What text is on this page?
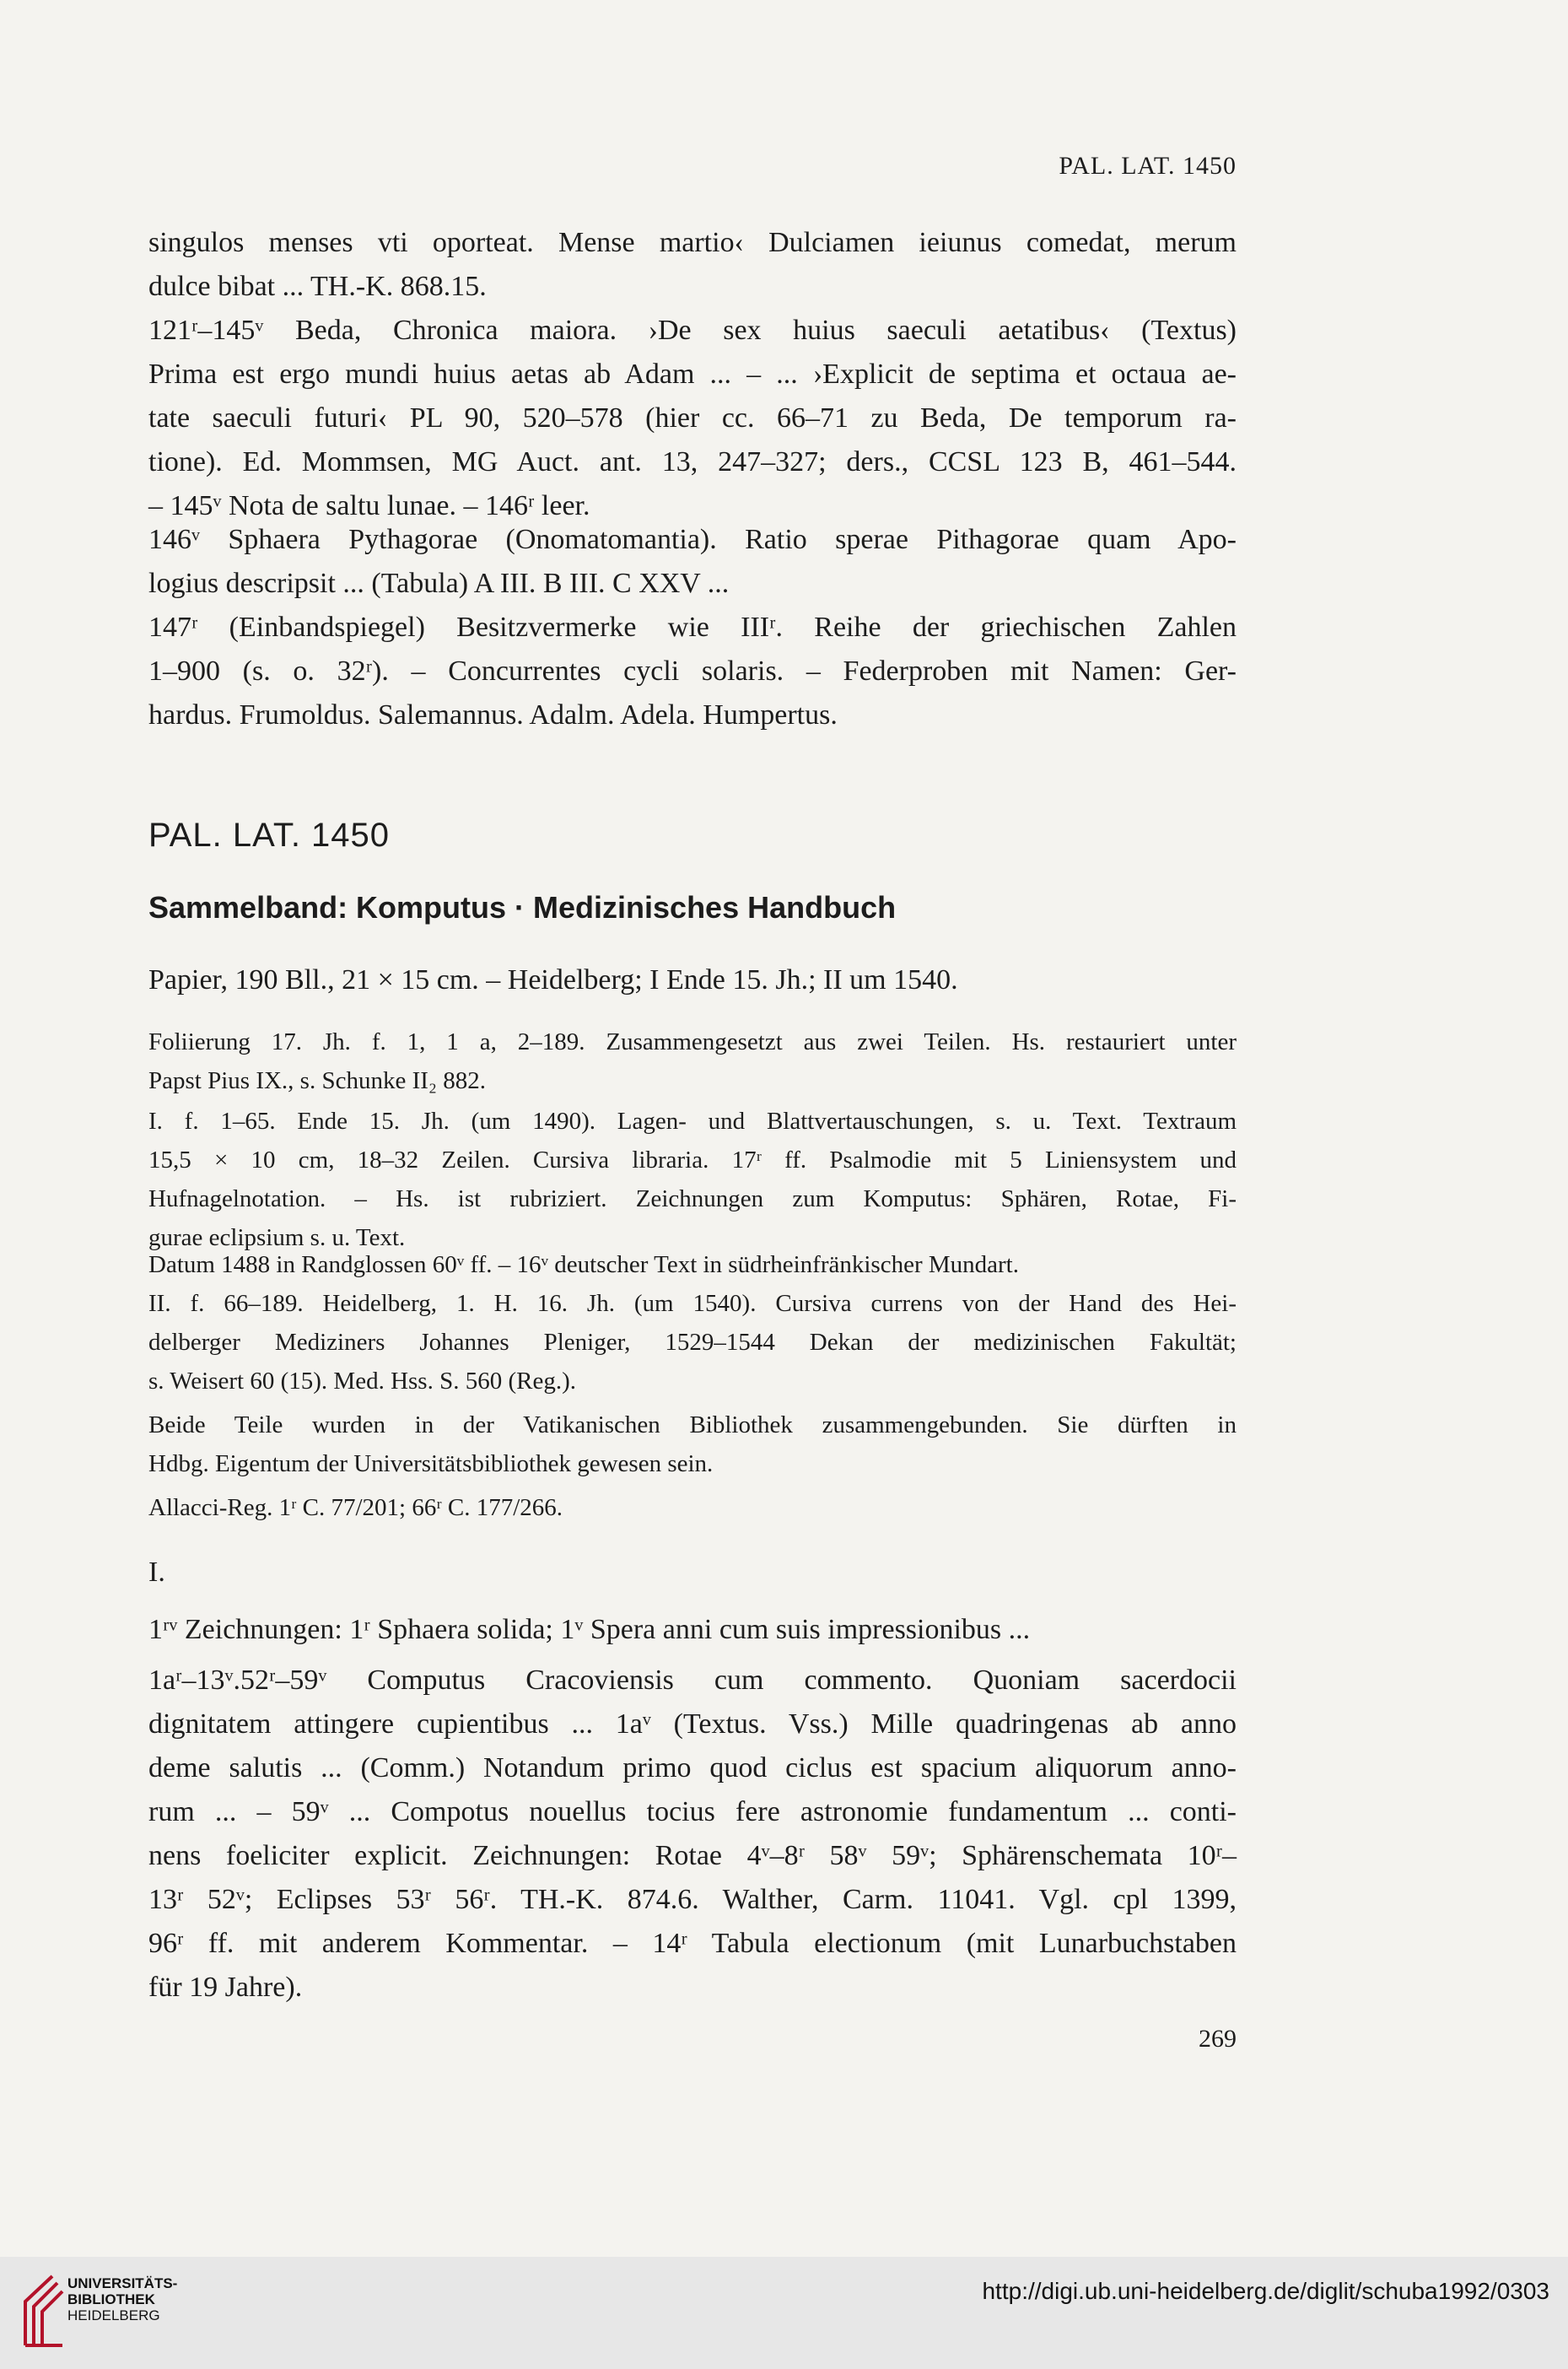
PAL. LAT. 1450
singulos menses vti oporteat. Mense martio‹ Dulciamen ieiunus comedat, merum
dulce bibat ... TH.-K. 868.15.
121ʳ–145ᵛ Beda, Chronica maiora. ›De sex huius saeculi aetatibus‹ (Textus)
Prima est ergo mundi huius aetas ab Adam ... – ... ›Explicit de septima et octaua ae-
tate saeculi futuri‹ PL 90, 520–578 (hier cc. 66–71 zu Beda, De temporum ra-
tione). Ed. Mommsen, MG Auct. ant. 13, 247–327; ders., CCSL 123 B, 461–544.
– 145ᵛ Nota de saltu lunae. – 146ʳ leer.
146ᵛ Sphaera Pythagorae (Onomatomantia). Ratio sperae Pithagorae quam Apo-
logius descripsit ... (Tabula) A III. B III. C XXV ...
147ʳ (Einbandspiegel) Besitzvermerke wie IIIʳ. Reihe der griechischen Zahlen
1–900 (s. o. 32ʳ). – Concurrentes cycli solaris. – Federproben mit Namen: Ger-
hardus. Frumoldus. Salemannus. Adalm. Adela. Humpertus.
PAL. LAT. 1450
Sammelband: Komputus · Medizinisches Handbuch
Papier, 190 Bll., 21 × 15 cm. – Heidelberg; I Ende 15. Jh.; II um 1540.
Foliierung 17. Jh. f. 1, 1 a, 2–189. Zusammengesetzt aus zwei Teilen. Hs. restauriert unter
Papst Pius IX., s. Schunke II₂ 882.
I. f. 1–65. Ende 15. Jh. (um 1490). Lagen- und Blattvertauschungen, s. u. Text. Textraum
15,5 × 10 cm, 18–32 Zeilen. Cursiva libraria. 17ʳ ff. Psalmodie mit 5 Liniensystem und
Hufnagelnotation. – Hs. ist rubriziert. Zeichnungen zum Komputus: Sphären, Rotae, Fi-
gurae eclipsium s. u. Text.
Datum 1488 in Randglossen 60ᵛ ff. – 16ᵛ deutscher Text in südrheinfränkischer Mundart.
II. f. 66–189. Heidelberg, 1. H. 16. Jh. (um 1540). Cursiva currens von der Hand des Hei-
delberger Mediziners Johannes Pleniger, 1529–1544 Dekan der medizinischen Fakultät;
s. Weisert 60 (15). Med. Hss. S. 560 (Reg.).
Beide Teile wurden in der Vatikanischen Bibliothek zusammengebunden. Sie dürften in
Hdbg. Eigentum der Universitätsbibliothek gewesen sein.
Allacci-Reg. 1ʳ C. 77/201; 66ʳ C. 177/266.
I.
1ʳᵛ Zeichnungen: 1ʳ Sphaera solida; 1ᵛ Spera anni cum suis impressionibus ...
1aʳ–13ᵛ.52ʳ–59ᵛ Computus Cracoviensis cum commento. Quoniam sacerdocii
dignitatem attingere cupientibus ... 1aᵛ (Textus. Vss.) Mille quadringenas ab anno
deme salutis ... (Comm.) Notandum primo quod ciclus est spacium aliquorum anno-
rum ... – 59ᵛ ... Compotus nouellus tocius fere astronomie fundamentum ... conti-
nens foeliciter explicit. Zeichnungen: Rotae 4ᵛ–8ʳ 58ᵛ 59ᵛ; Sphärenschemata 10ʳ–
13ʳ 52ᵛ; Eclipses 53ʳ 56ʳ. TH.-K. 874.6. Walther, Carm. 11041. Vgl. cpl 1399,
96ʳ ff. mit anderem Kommentar. – 14ʳ Tabula electionum (mit Lunarbuchstaben
für 19 Jahre).
269
UNIVERSITÄTS-
BIBLIOTHEK
HEIDELBERG
http://digi.ub.uni-heidelberg.de/diglit/schuba1992/0303
